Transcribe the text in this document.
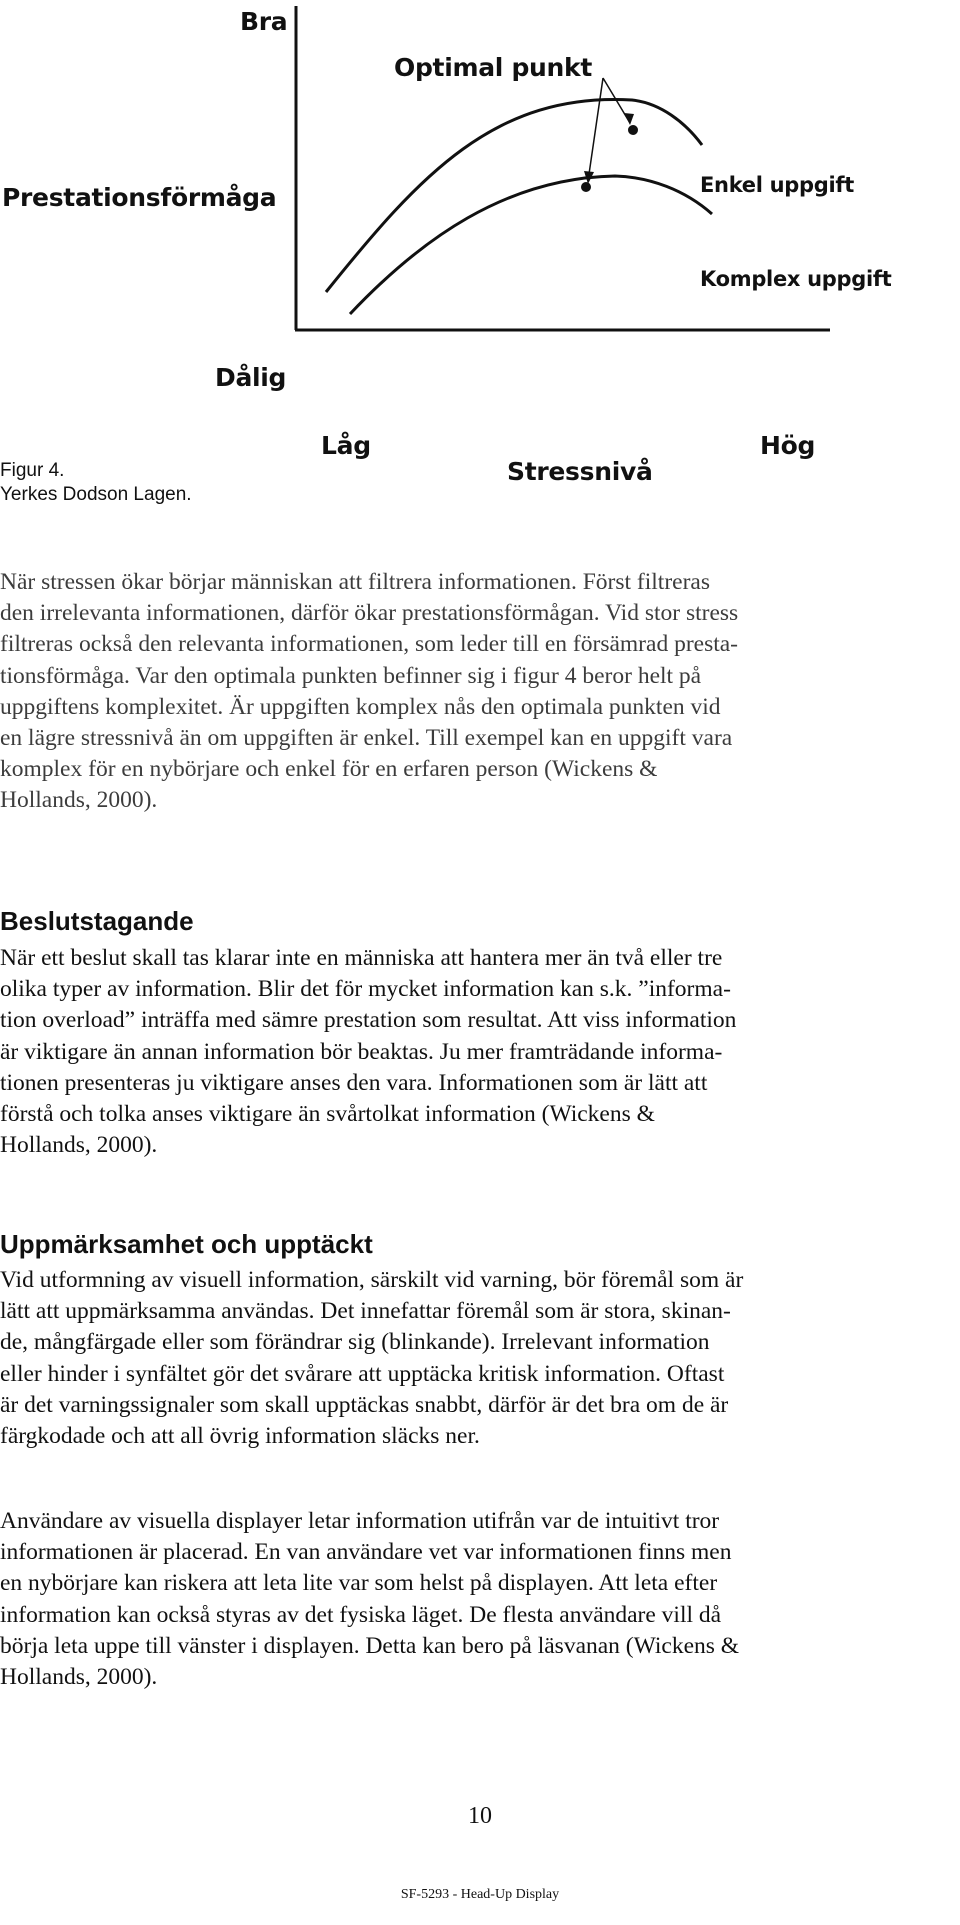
Bra
Prestationsförmåga
Dålig
Låg
Stressnivå
Hög
Optimal punkt
Enkel uppgift
Komplex uppgift
Figur 4.
Yerkes Dodson Lagen.
När stressen ökar börjar människan att filtrera informationen. Först filtreras
den irrelevanta informationen, därför ökar prestationsförmågan. Vid stor stress
filtreras också den relevanta informationen, som leder till en försämrad presta-
tionsförmåga. Var den optimala punkten befinner sig i figur 4 beror helt på
uppgiftens komplexitet. Är uppgiften komplex nås den optimala punkten vid
en lägre stressnivå än om uppgiften är enkel. Till exempel kan en uppgift vara
komplex för en nybörjare och enkel för en erfaren person (Wickens &
Hollands, 2000).
Beslutstagande
När ett beslut skall tas klarar inte en människa att hantera mer än två eller tre
olika typer av information. Blir det för mycket information kan s.k. ”informa-
tion overload” inträffa med sämre prestation som resultat. Att viss information
är viktigare än annan information bör beaktas. Ju mer framträdande informa-
tionen presenteras ju viktigare anses den vara. Informationen som är lätt att
förstå och tolka anses viktigare än svårtolkat information (Wickens &
Hollands, 2000).
Uppmärksamhet och upptäckt
Vid utformning av visuell information, särskilt vid varning, bör föremål som är
lätt att uppmärksamma användas. Det innefattar föremål som är stora, skinan-
de, mångfärgade eller som förändrar sig (blinkande). Irrelevant information
eller hinder i synfältet gör det svårare att upptäcka kritisk information. Oftast
är det varningssignaler som skall upptäckas snabbt, därför är det bra om de är
färgkodade och att all övrig information släcks ner.
Användare av visuella displayer letar information utifrån var de intuitivt tror
informationen är placerad. En van användare vet var informationen finns men
en nybörjare kan riskera att leta lite var som helst på displayen. Att leta efter
information kan också styras av det fysiska läget. De flesta användare vill då
börja leta uppe till vänster i displayen. Detta kan bero på läsvanan (Wickens &
Hollands, 2000).
10
SF-5293 - Head-Up Display
